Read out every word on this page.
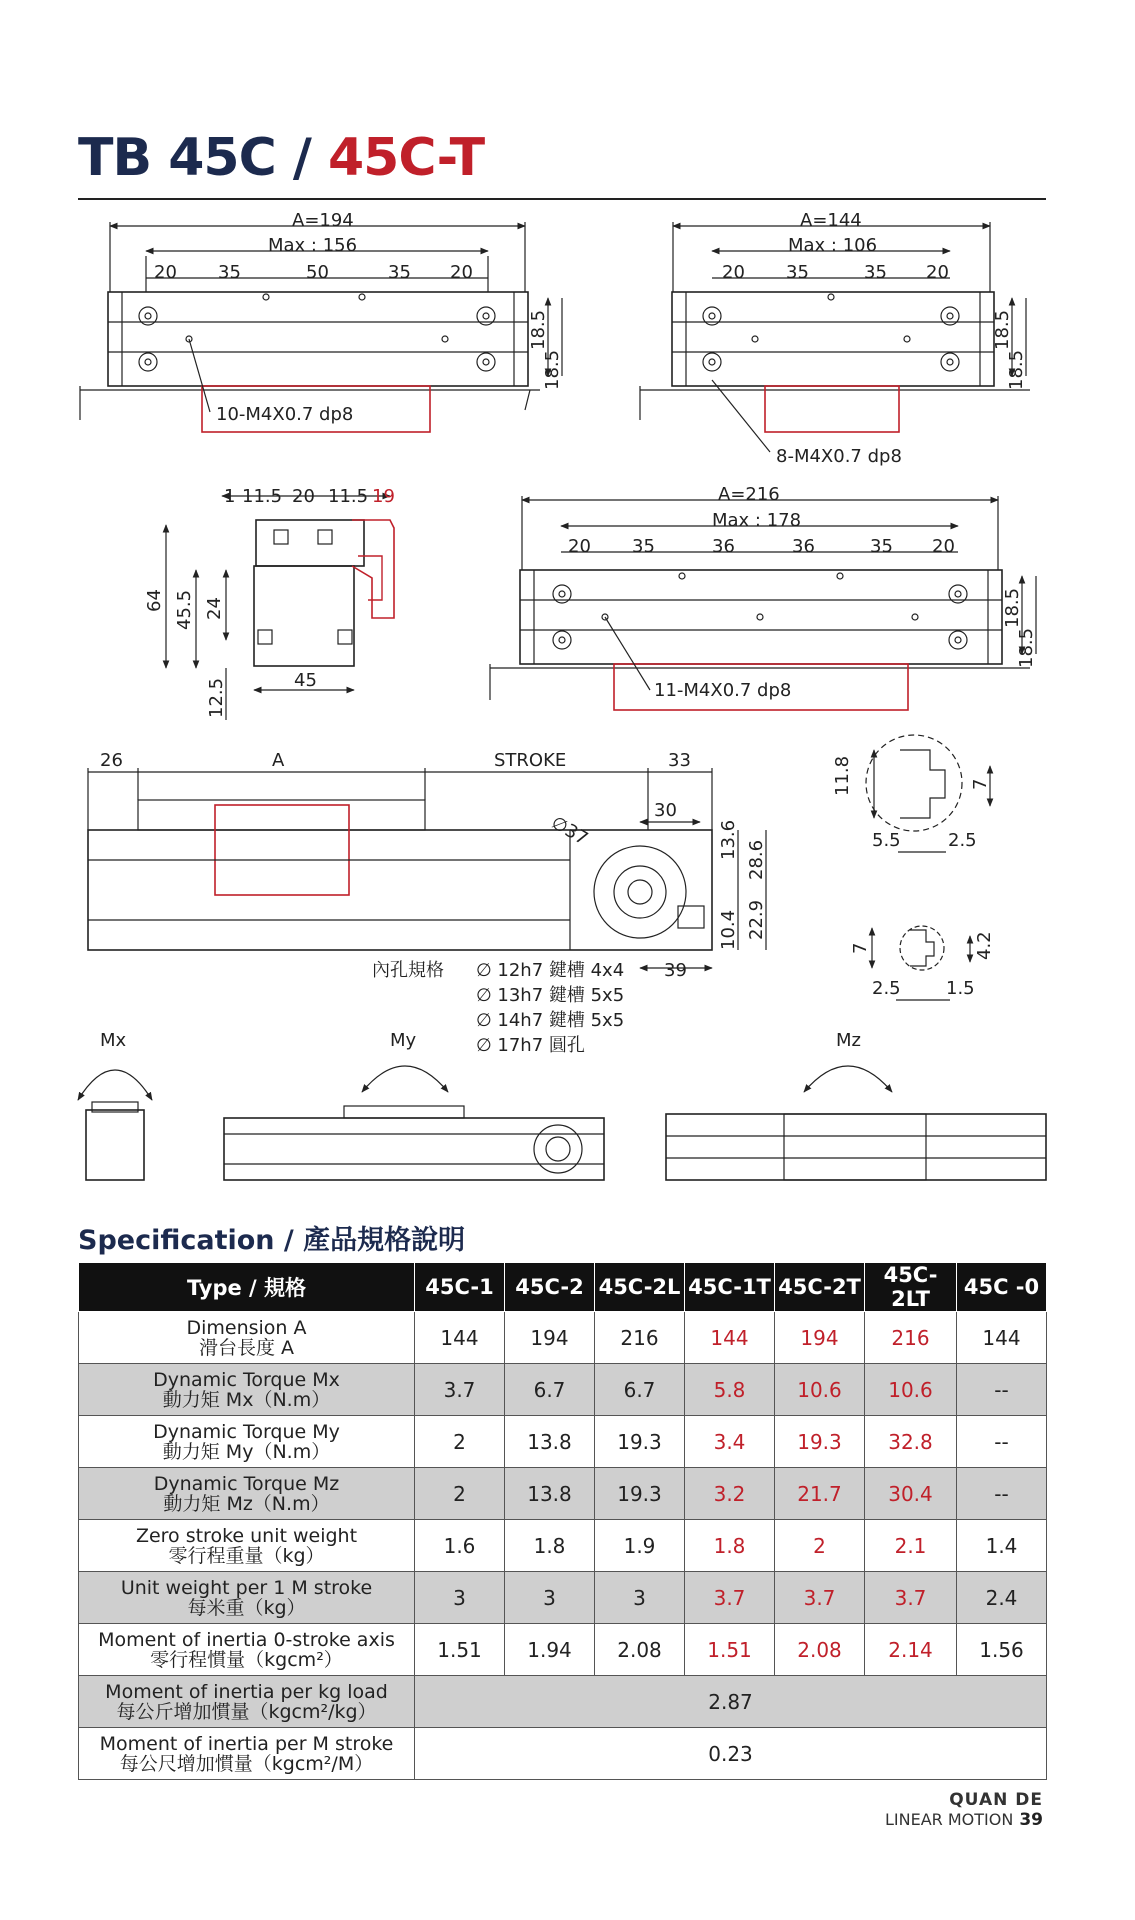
TB 45C / 45C-T
A=194
Max : 156
20 35	50	35 20
18.5
18.5
10-M4X0.7 dp8
A=144
Max : 106
20 35	35 20
18.5
18.5
8-M4X0.7 dp8
1 11.5 20 11.5 19
64 45.5 24
12.5	45
A=216
Max : 178
20 35	36	36	35 20
18.5
18.5
11-M4X0.7 dp8
26	A	STROKE	33
30
∅37	13.6 28.6
10.4 22.9
39
內孔規格 ∅ 12h7 鍵槽 4x4
∅ 13h7 鍵槽 5x5
∅ 14h7 鍵槽 5x5
∅ 17h7 圓孔
11.8	7
5.5	2.5
7	4.2
2.5	1.5
Mx	My	Mz
Specification / 產品規格說明
Type / 規格	45C-1	45C-2	45C-2L	45C-1T	45C-2T	45C-2LT	45C -0

Dimension A
滑台長度 A	144	194	216	144	194	216	144

Dynamic Torque Mx
動力矩 Mx（N.m）	3.7	6.7	6.7	5.8	10.6	10.6	--

Dynamic Torque My
動力矩 My（N.m）	2	13.8	19.3	3.4	19.3	32.8	--

Dynamic Torque Mz
動力矩 Mz（N.m）	2	13.8	19.3	3.2	21.7	30.4	--

Zero stroke unit weight
零行程重量（kg）	1.6	1.8	1.9	1.8	2	2.1	1.4

Unit weight per 1 M stroke
每米重（kg）	3	3	3	3.7	3.7	3.7	2.4

Moment of inertia 0-stroke axis
零行程慣量（kgcm²）	1.51	1.94	2.08	1.51	2.08	2.14	1.56

Moment of inertia per kg load
每公斤增加慣量（kgcm²/kg）	2.87						

Moment of inertia per M stroke
每公尺增加慣量（kgcm²/M）	0.23						
QUAN DE
LINEAR MOTION 39
